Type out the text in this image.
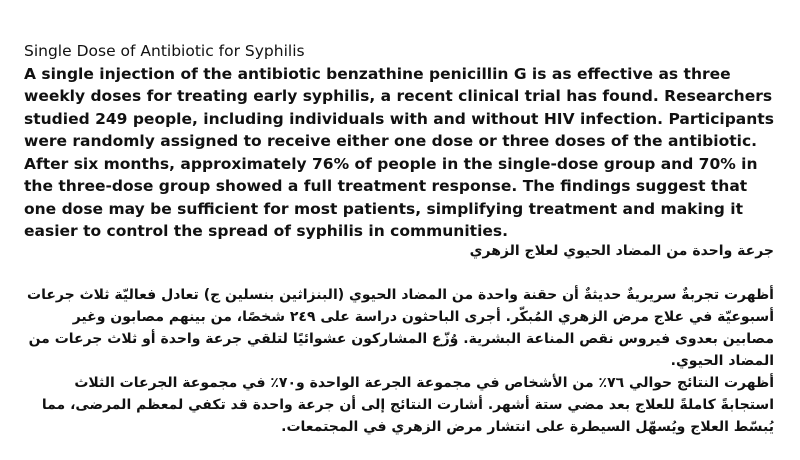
Single Dose of Antibiotic for Syphilis

A single injection of the antibiotic benzathine penicillin G is as effective as three weekly doses for treating early syphilis, a recent clinical trial has found. Researchers studied 249 people, including individuals with and without HIV infection. Participants were randomly assigned to receive either one dose or three doses of the antibiotic.

After six months, approximately 76% of people in the single-dose group and 70% in the three-dose group showed a full treatment response. The findings suggest that one dose may be sufficient for most patients, simplifying treatment and making it easier to control the spread of syphilis in communities.

جرعة واحدة من المضاد الحيوي لعلاج الزهري

أظهرت تجربةٌ سريريةٌ حديثةٌ أن حقنة واحدة من المضاد الحيوي (البنزاثين بنسلين ج) تعادل فعاليّة ثلاث جرعات أسبوعيّة في علاج مرض الزهري المُبكّر. أجرى الباحثون دراسة على ٢٤٩ شخصًا، من بينهم مصابون وغير مصابين بعدوى فيروس نقص المناعة البشرية. وُزّع المشاركون عشوائيًا لتلقي جرعة واحدة أو ثلاث جرعات من المضاد الحيوي.

أظهرت النتائج حوالي ٧٦٪ من الأشخاص في مجموعة الجرعة الواحدة و٧٠٪ في مجموعة الجرعات الثلاث استجابةً كاملةً للعلاج بعد مضي ستة أشهر. أشارت النتائج إلى أن جرعة واحدة قد تكفي لمعظم المرضى، مما يُبسّط العلاج ويُسهّل السيطرة على انتشار مرض الزهري في المجتمعات.
